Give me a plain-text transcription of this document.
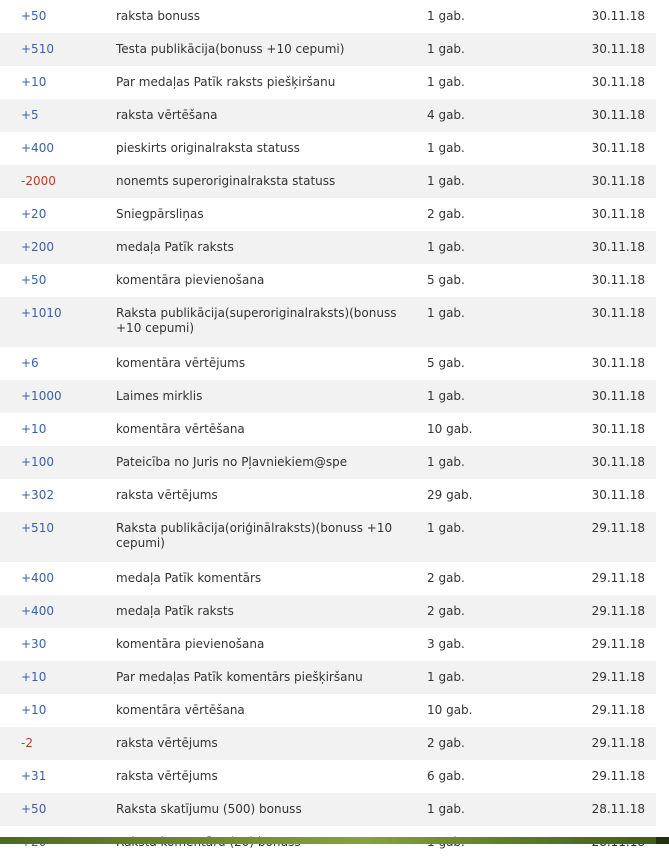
+50	raksta bonuss	1 gab.	30.11.18

+510	Testa publikācija(bonuss +10 cepumi)	1 gab.	30.11.18

+10	Par medaļas Patīk raksts piešķiršanu	1 gab.	30.11.18

+5	raksta vērtēšana	4 gab.	30.11.18

+400	pieskirts originalraksta statuss	1 gab.	30.11.18

-2000	nonemts superoriginalraksta statuss	1 gab.	30.11.18

+20	Sniegpārsliņas	2 gab.	30.11.18

+200	medaļa Patīk raksts	1 gab.	30.11.18

+50	komentāra pievienošana	5 gab.	30.11.18

+1010	Raksta publikācija(superoriginalraksts)(bonuss +10 cepumi)	1 gab.	30.11.18

+6	komentāra vērtējums	5 gab.	30.11.18

+1000	Laimes mirklis	1 gab.	30.11.18

+10	komentāra vērtēšana	10 gab.	30.11.18

+100	Pateicība no Juris no Pļavniekiem@spe	1 gab.	30.11.18

+302	raksta vērtējums	29 gab.	30.11.18

+510	Raksta publikācija(oriģinālraksts)(bonuss +10 cepumi)	1 gab.	29.11.18

+400	medaļa Patīk komentārs	2 gab.	29.11.18

+400	medaļa Patīk raksts	2 gab.	29.11.18

+30	komentāra pievienošana	3 gab.	29.11.18

+10	Par medaļas Patīk komentārs piešķiršanu	1 gab.	29.11.18

+10	komentāra vērtēšana	10 gab.	29.11.18

-2	raksta vērtējums	2 gab.	29.11.18

+31	raksta vērtējums	6 gab.	29.11.18

+50	Raksta skatījumu (500) bonuss	1 gab.	28.11.18
